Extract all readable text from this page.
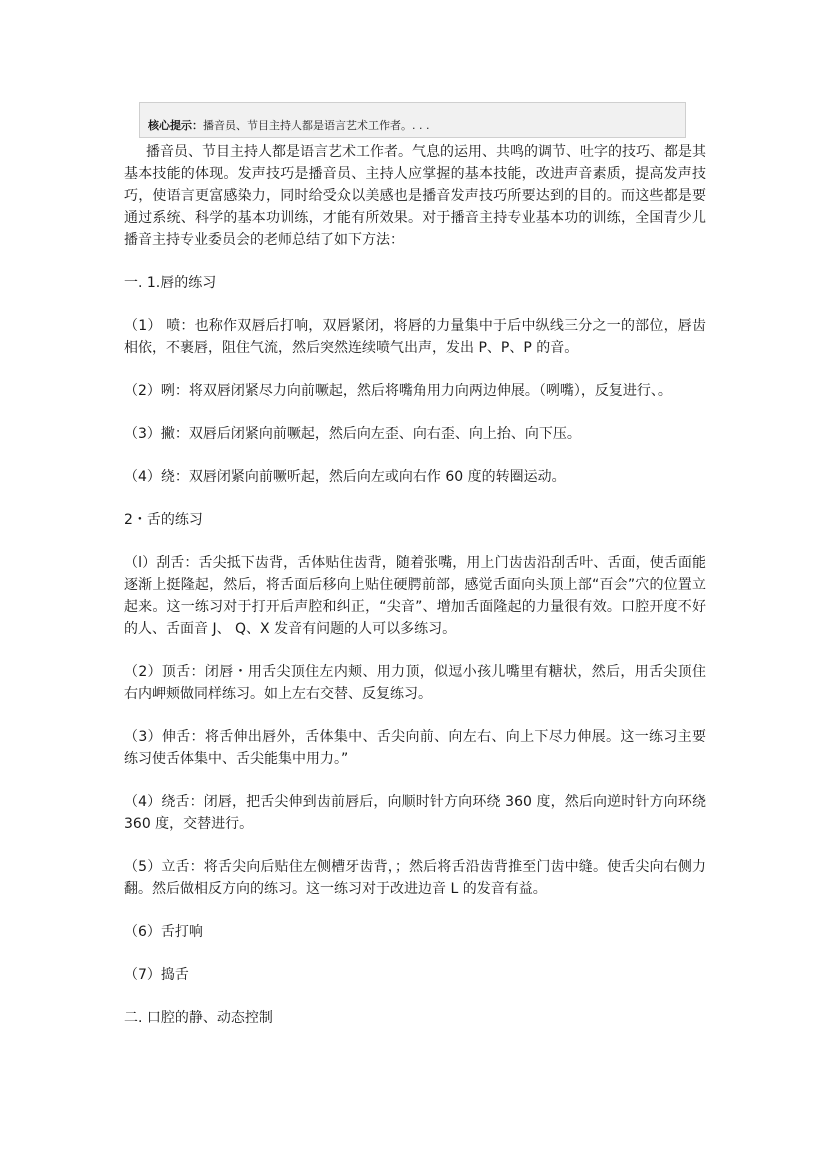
核心提示：播音员、节目主持人都是语言艺术工作者。. . .

播音员、节目主持人都是语言艺术工作者。气息的运用、共鸣的调节、吐字的技巧、都是其基本技能的体现。发声技巧是播音员、主持人应掌握的基本技能，改进声音素质，提高发声技巧，使语言更富感染力，同时给受众以美感也是播音发声技巧所要达到的目的。而这些都是要通过系统、科学的基本功训练，才能有所效果。对于播音主持专业基本功的训练，全国青少儿播音主持专业委员会的老师总结了如下方法：

一. 1.唇的练习

（1） 喷：也称作双唇后打响，双唇紧闭，将唇的力量集中于后中纵线三分之一的部位，唇齿相依，不裹唇，阻住气流，然后突然连续喷气出声，发出 P、P、P 的音。

（2）咧：将双唇闭紧尽力向前噘起，然后将嘴角用力向两边伸展。（咧嘴），反复进行、。

（3）撇：双唇后闭紧向前噘起，然后向左歪、向右歪、向上抬、向下压。

（4）绕：双唇闭紧向前噘听起，然后向左或向右作 60 度的转圈运动。

2・舌的练习

（l）刮舌：舌尖抵下齿背，舌体贴住齿背，随着张嘴，用上门齿齿沿刮舌叶、舌面，使舌面能逐渐上挺隆起，然后，将舌面后移向上贴住硬腭前部，感觉舌面向头顶上部“百会”穴的位置立起来。这一练习对于打开后声腔和纠正，“尖音”、增加舌面隆起的力量很有效。口腔开度不好的人、舌面音 J、 Q、X 发音有问题的人可以多练习。

（2）顶舌：闭唇・用舌尖顶住左内颊、用力顶，似逗小孩儿嘴里有糖状，然后，用舌尖顶住右内岬颊做同样练习。如上左右交替、反复练习。

（3）伸舌：将舌伸出唇外，舌体集中、舌尖向前、向左右、向上下尽力伸展。这一练习主要练习使舌体集中、舌尖能集中用力。”

（4）绕舌：闭唇，把舌尖伸到齿前唇后，向顺时针方向环绕 360 度，然后向逆时针方向环绕 360 度，交替进行。

（5）立舌：将舌尖向后贴住左侧槽牙齿背，；然后将舌沿齿背推至门齿中缝。使舌尖向右侧力翻。然后做相反方向的练习。这一练习对于改进边音 L 的发音有益。

（6）舌打响

（7）捣舌

二. 口腔的静、动态控制
